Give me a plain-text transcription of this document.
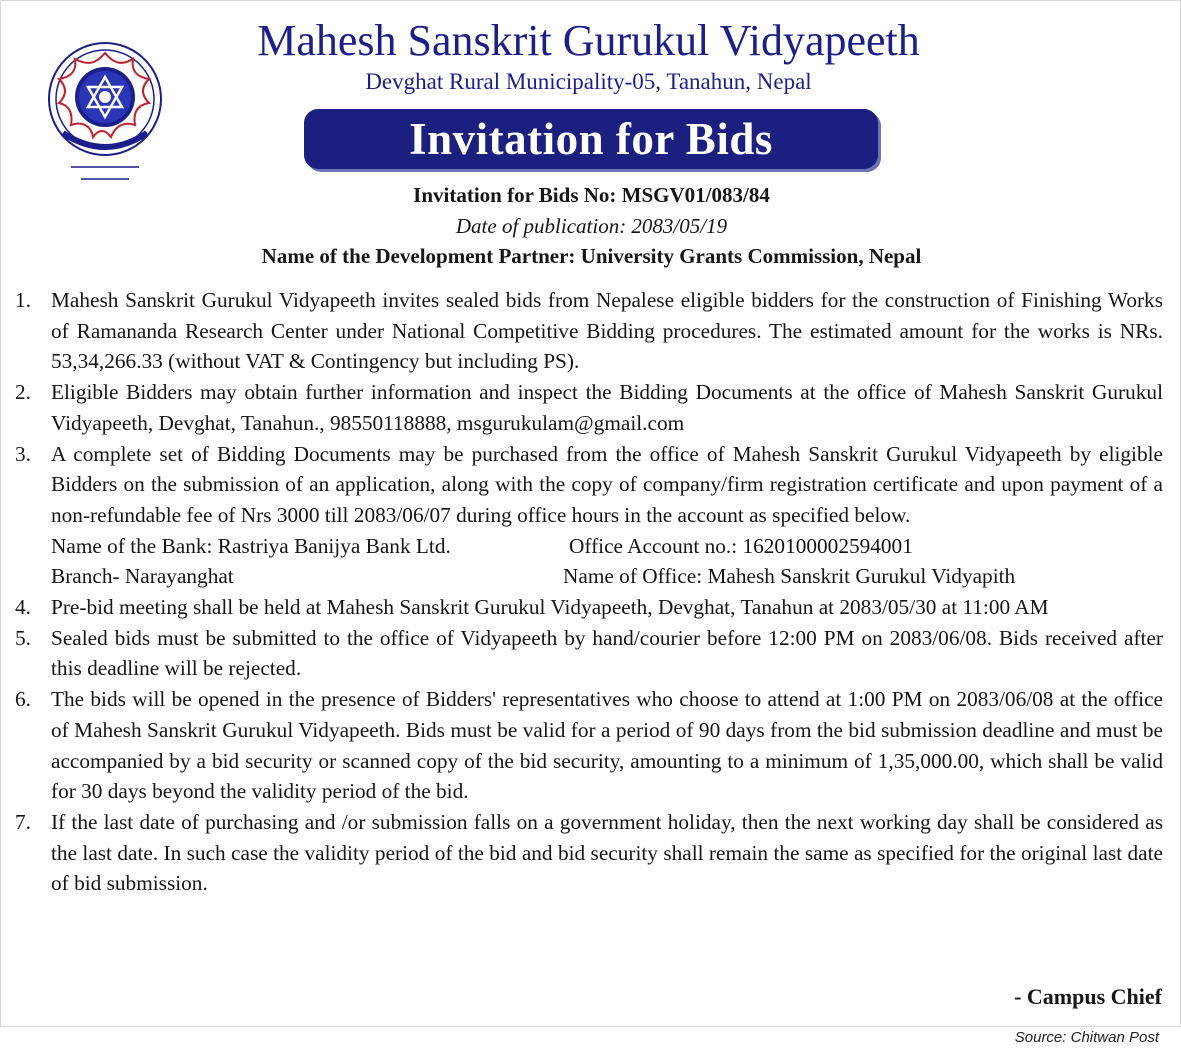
Mahesh Sanskrit Gurukul Vidyapeeth
Devghat Rural Municipality-05, Tanahun, Nepal
Invitation for Bids
Invitation for Bids No: MSGV01/083/84
Date of publication: 2083/05/19
Name of the Development Partner: University Grants Commission, Nepal
1. Mahesh Sanskrit Gurukul Vidyapeeth invites sealed bids from Nepalese eligible bidders for the construction of Finishing Works of Ramananda Research Center under National Competitive Bidding procedures. The estimated amount for the works is NRs. 53,34,266.33 (without VAT & Contingency but including PS).
2. Eligible Bidders may obtain further information and inspect the Bidding Documents at the office of Mahesh Sanskrit Gurukul Vidyapeeth, Devghat, Tanahun., 98550118888, msgurukulam@gmail.com
3. A complete set of Bidding Documents may be purchased from the office of Mahesh Sanskrit Gurukul Vidyapeeth by eligible Bidders on the submission of an application, along with the copy of company/firm registration certificate and upon payment of a non-refundable fee of Nrs 3000 till 2083/06/07 during office hours in the account as specified below.
Name of the Bank: Rastriya Banijya Bank Ltd.	Office Account no.: 1620100002594001
Branch- Narayanghat	Name of Office: Mahesh Sanskrit Gurukul Vidyapith
4. Pre-bid meeting shall be held at Mahesh Sanskrit Gurukul Vidyapeeth, Devghat, Tanahun at 2083/05/30 at 11:00 AM
5. Sealed bids must be submitted to the office of Vidyapeeth by hand/courier before 12:00 PM on 2083/06/08. Bids received after this deadline will be rejected.
6. The bids will be opened in the presence of Bidders' representatives who choose to attend at 1:00 PM on 2083/06/08 at the office of Mahesh Sanskrit Gurukul Vidyapeeth. Bids must be valid for a period of 90 days from the bid submission deadline and must be accompanied by a bid security or scanned copy of the bid security, amounting to a minimum of 1,35,000.00, which shall be valid for 30 days beyond the validity period of the bid.
7. If the last date of purchasing and /or submission falls on a government holiday, then the next working day shall be considered as the last date. In such case the validity period of the bid and bid security shall remain the same as specified for the original last date of bid submission.
- Campus Chief
Source: Chitwan Post
